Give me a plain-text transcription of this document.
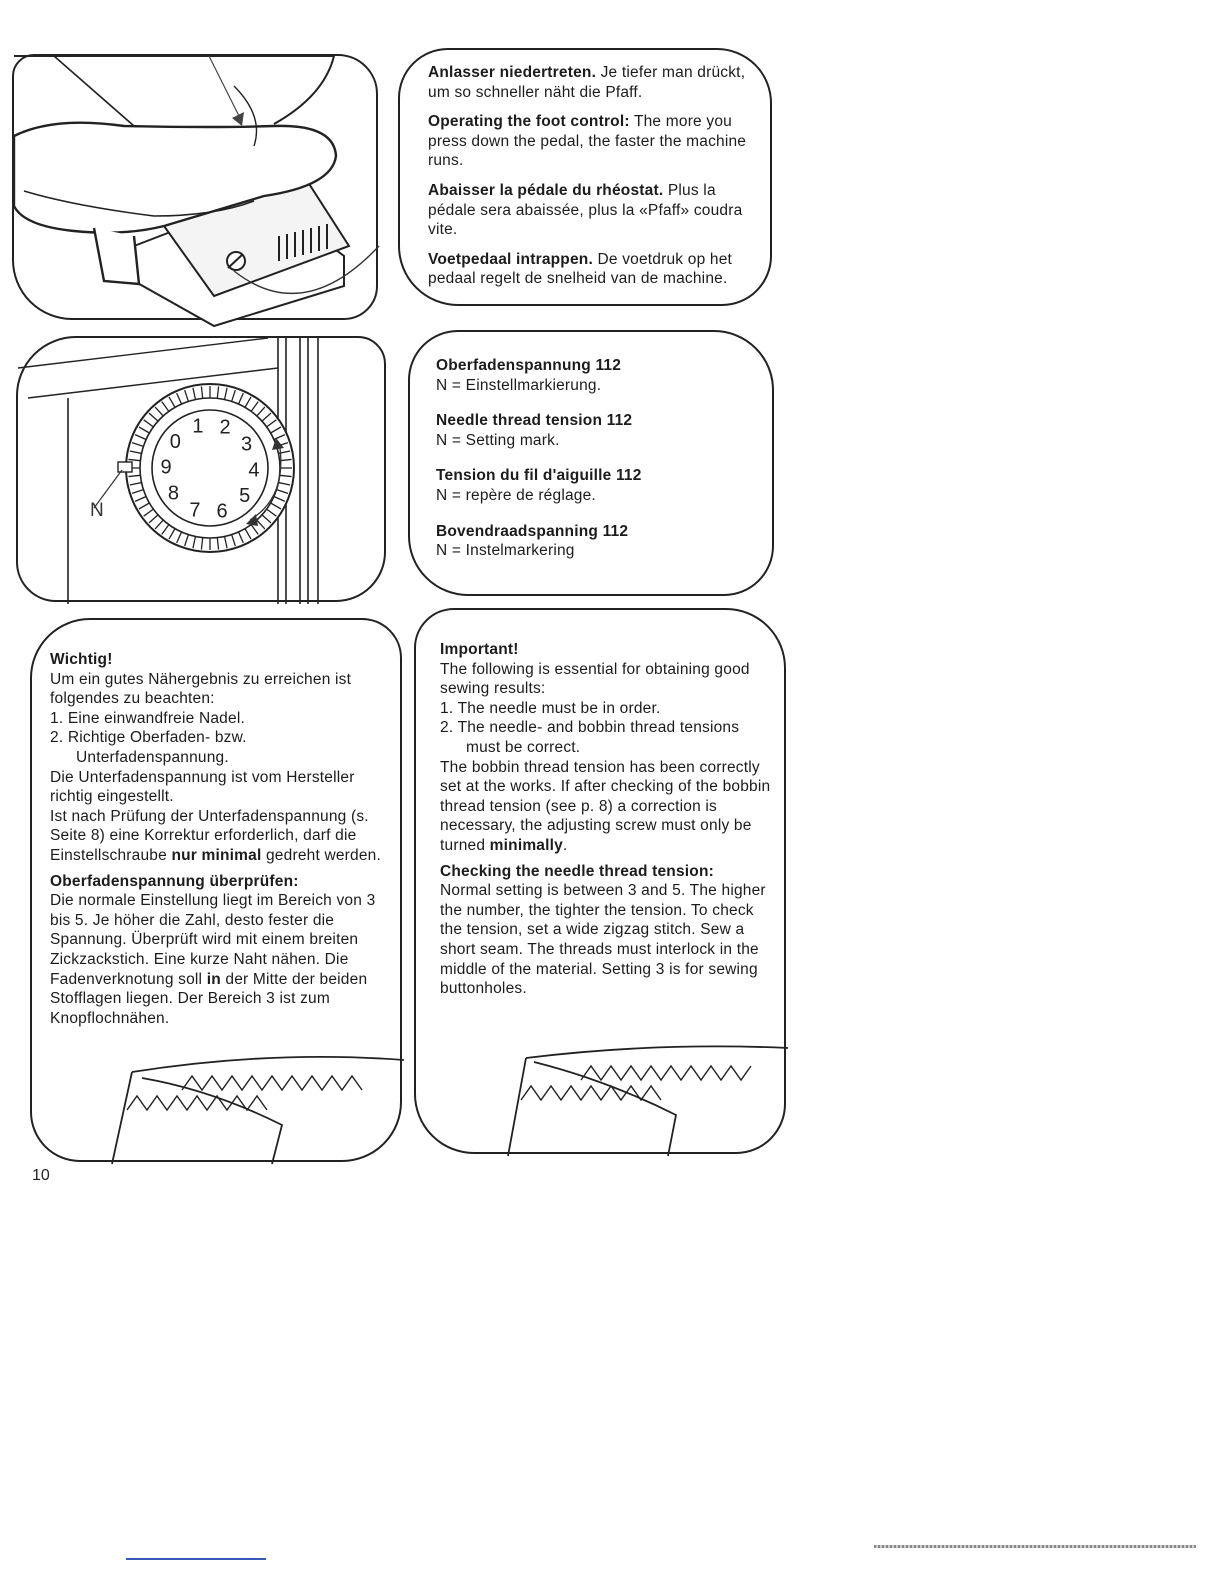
Anlasser niedertreten. Je tiefer man drückt, um so schneller näht die Pfaff.

Operating the foot control: The more you press down the pedal, the faster the machine runs.

Abaisser la pédale du rhéostat. Plus la pédale sera abaissée, plus la «Pfaff» coudra vite.

Voetpedaal intrappen. De voetdruk op het pedaal regelt de snelheid van de machine.

1 2
3
4
5
6
7
8
9
0
N
Oberfadenspannung 112
N = Einstellmarkierung.
Needle thread tension 112
N = Setting mark.
Tension du fil d'aiguille 112
N = repère de réglage.
Bovendraadspanning 112
N = Instelmarkering
Wichtig!
Um ein gutes Nähergebnis zu erreichen ist folgendes zu beachten:
1. Eine einwandfreie Nadel.
2. Richtige Oberfaden- bzw. Unterfadenspannung.
Die Unterfadenspannung ist vom Hersteller richtig eingestellt.
Ist nach Prüfung der Unterfadenspannung (s. Seite 8) eine Korrektur erforderlich, darf die Einstellschraube nur minimal gedreht werden.
Oberfadenspannung überprüfen:
Die normale Einstellung liegt im Bereich von 3 bis 5. Je höher die Zahl, desto fester die Spannung. Überprüft wird mit einem breiten Zickzackstich. Eine kurze Naht nähen. Die Fadenverknotung soll in der Mitte der beiden Stofflagen liegen. Der Bereich 3 ist zum Knopflochnähen.
Important!
The following is essential for obtaining good sewing results:
1. The needle must be in order.
2. The needle- and bobbin thread tensions must be correct.
The bobbin thread tension has been correctly set at the works. If after checking of the bobbin thread tension (see p. 8) a correction is necessary, the adjusting screw must only be turned minimally.
Checking the needle thread tension:
Normal setting is between 3 and 5. The higher the number, the tighter the tension. To check the tension, set a wide zigzag stitch. Sew a short seam. The threads must interlock in the middle of the material. Setting 3 is for sewing buttonholes.
10
